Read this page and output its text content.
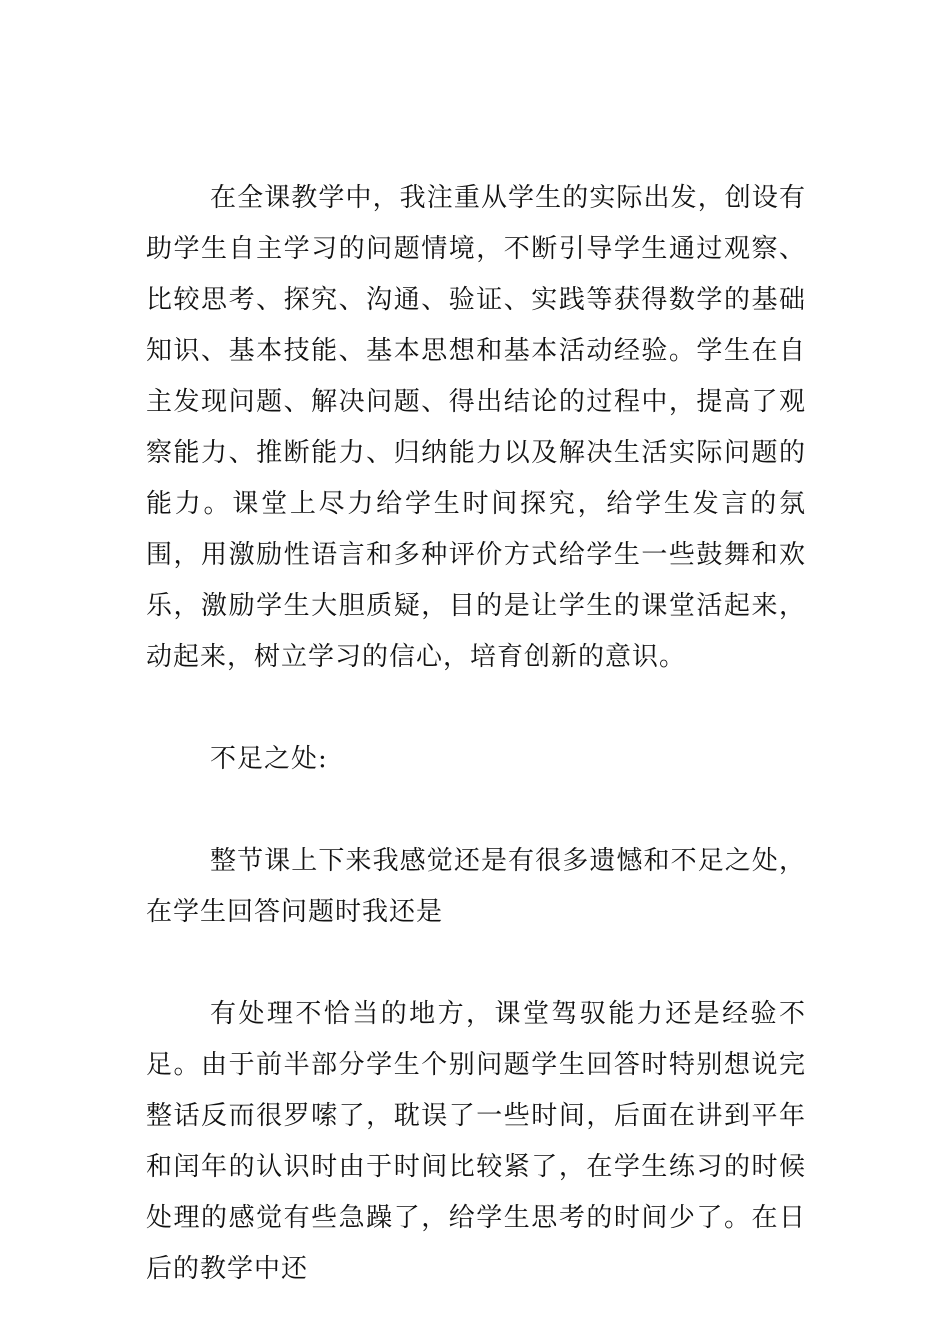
在全课教学中，我注重从学生的实际出发，创设有助学生自主学习的问题情境，不断引导学生通过观察、比较思考、探究、沟通、验证、实践等获得数学的基础知识、基本技能、基本思想和基本活动经验。学生在自主发现问题、解决问题、得出结论的过程中，提高了观察能力、推断能力、归纳能力以及解决生活实际问题的能力。课堂上尽力给学生时间探究，给学生发言的氛围，用激励性语言和多种评价方式给学生一些鼓舞和欢乐，激励学生大胆质疑，目的是让学生的课堂活起来，动起来，树立学习的信心，培育创新的意识。

不足之处:

整节课上下来我感觉还是有很多遗憾和不足之处，在学生回答问题时我还是

有处理不恰当的地方，课堂驾驭能力还是经验不足。由于前半部分学生个别问题学生回答时特别想说完整话反而很罗嗦了，耽误了一些时间，后面在讲到平年和闰年的认识时由于时间比较紧了，在学生练习的时候处理的感觉有些急躁了，给学生思考的时间少了。在日后的教学中还
